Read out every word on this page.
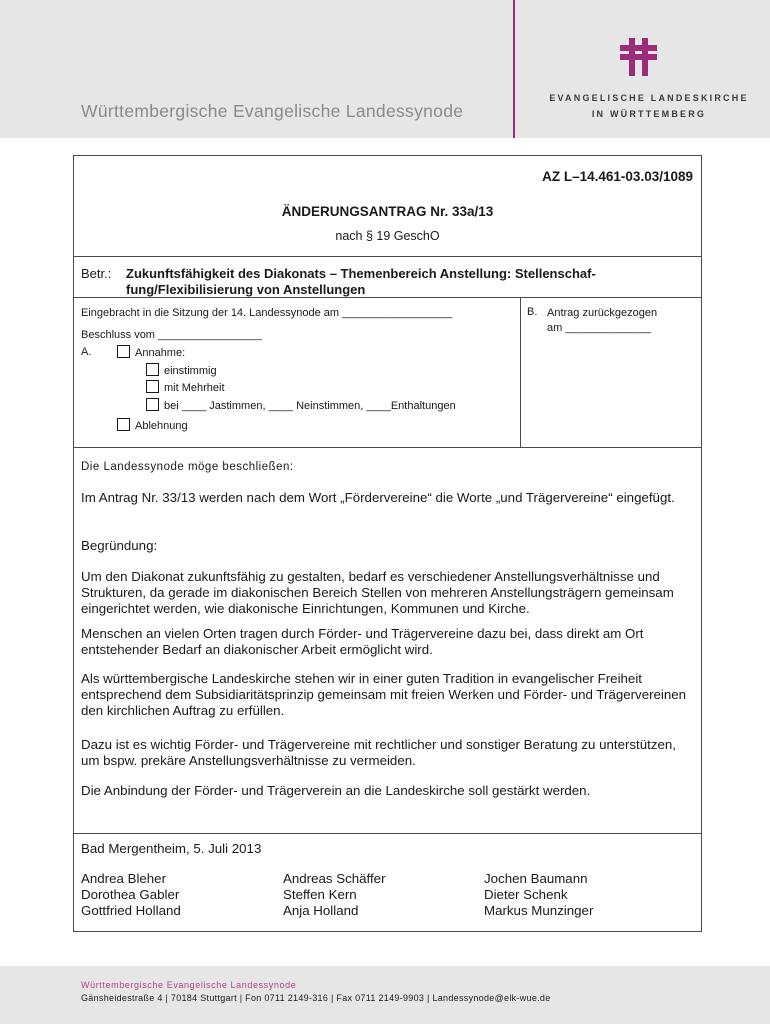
Württembergische Evangelische Landessynode
EVANGELISCHE LANDESKIRCHE
IN WÜRTTEMBERG
AZ L–14.461-03.03/1089
ÄNDERUNGSANTRAG Nr. 33a/13
nach § 19 GeschO
Betr.: Zukunftsfähigkeit des Diakonats – Themenbereich Anstellung: Stellenschaffung/Flexibilisierung von Anstellungen
Eingebracht in die Sitzung der 14. Landessynode am __________________
Beschluss vom _________________
A.	Annahme:
einstimmig
mit Mehrheit
bei ____ Jastimmen, ____ Neinstimmen, ____Enthaltungen
Ablehnung
B. Antrag zurückgezogen
am ______________
Die Landessynode möge beschließen:
Im Antrag Nr. 33/13 werden nach dem Wort „Fördervereine“ die Worte „und Trägervereine“ eingefügt.
Begründung:
Um den Diakonat zukunftsfähig zu gestalten, bedarf es verschiedener Anstellungsverhältnisse und Strukturen, da gerade im diakonischen Bereich Stellen von mehreren Anstellungsträgern gemeinsam eingerichtet werden, wie diakonische Einrichtungen, Kommunen und Kirche.
Menschen an vielen Orten tragen durch Förder- und Trägervereine dazu bei, dass direkt am Ort entstehender Bedarf an diakonischer Arbeit ermöglicht wird.
Als württembergische Landeskirche stehen wir in einer guten Tradition in evangelischer Freiheit entsprechend dem Subsidiaritätsprinzip gemeinsam mit freien Werken und Förder- und Trägervereinen den kirchlichen Auftrag zu erfüllen.
Dazu ist es wichtig Förder- und Trägervereine mit rechtlicher und sonstiger Beratung zu unterstützen, um bspw. prekäre Anstellungsverhältnisse zu vermeiden.
Die Anbindung der Förder- und Trägerverein an die Landeskirche soll gestärkt werden.
Bad Mergentheim, 5. Juli 2013
Andrea Bleher
Dorothea Gabler
Gottfried Holland
Andreas Schäffer
Steffen Kern
Anja Holland
Jochen Baumann
Dieter Schenk
Markus Munzinger
Württembergische Evangelische Landessynode
Gänsheidestraße 4 | 70184 Stuttgart | Fon 0711 2149-316 | Fax 0711 2149-9903 | Landessynode@elk-wue.de
